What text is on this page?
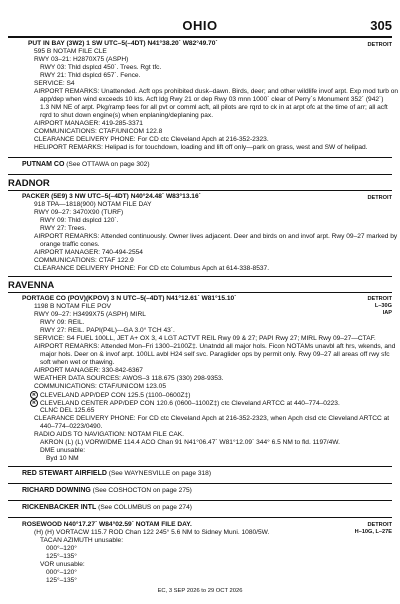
OHIO	305
PUT IN BAY (3W2) 1 SW UTC–5(–4DT) N41°38.20´ W82°49.70´	DETROIT
595 B NOTAM FILE CLE
RWY 03–21: H2870X75 (ASPH)
RWY 03: Thld dsplcd 450´. Trees. Rgt tfc.
RWY 21: Thld dsplcd 657´. Fence.
SERVICE: S4
AIRPORT REMARKS: Unattended. Acft ops prohibited dusk–dawn. Birds, deer; and other wildlife invof arpt. Exp mod turb on
app/dep when wind exceeds 10 kts. Acft ldg Rwy 21 or dep Rwy 03 mnn 1000´ clear of Perry´s Monument 352´ (942´)
1.3 NM NE of arpt. Pkg/ramp fees for all pvt or comml acft, all pilots are rqrd to ck in at arpt ofc at the time of arr; all acft
rqrd to shut down engine(s) when enplaning/deplaning pax.
AIRPORT MANAGER: 419-285-3371
COMMUNICATIONS: CTAF/UNICOM 122.8
CLEARANCE DELIVERY PHONE: For CD ctc Cleveland Apch at 216-352-2323.
HELIPORT REMARKS: Helipad is for touchdown, loading and lift off only—park on grass, west and SW of helipad.
PUTNAM CO (See OTTAWA on page 302)
RADNOR
PACKER (5E9) 3 NW UTC–5(–4DT) N40°24.48´ W83°13.16´	DETROIT
918 TPA—1818(900) NOTAM FILE DAY
RWY 09–27: 3470X90 (TURF)
RWY 09: Thld dsplcd 120´.
RWY 27: Trees.
AIRPORT REMARKS: Attended continuously. Owner lives adjacent. Deer and birds on and invof arpt. Rwy 09–27 marked by
orange traffic cones.
AIRPORT MANAGER: 740-494-2554
COMMUNICATIONS: CTAF 122.9
CLEARANCE DELIVERY PHONE: For CD ctc Columbus Apch at 614-338-8537.
RAVENNA
PORTAGE CO (POV)(KPOV) 3 N UTC–5(–4DT) N41°12.61´ W81°15.10´	DETROIT
L–30G
IAP
1198 B NOTAM FILE POV
RWY 09–27: H3499X75 (ASPH) MIRL
RWY 09: REIL.
RWY 27: REIL. PAPI(P4L)—GA 3.0° TCH 43´.
SERVICE: S4 FUEL 100LL, JET A+ OX 3, 4 LGT ACTVT REIL Rwy 09 & 27; PAPI Rwy 27; MIRL Rwy 09–27—CTAF.
AIRPORT REMARKS: Attended Mon–Fri 1300–2100Z‡. Unatndd all major hols. Ficon NOTAMs unavbl aft hrs, wkends, and
major hols. Deer on & invof arpt. 100LL avbl H24 self svc. Paraglider ops by permit only. Rwy 09–27 all areas off rwy sfc
soft when wet or thawing.
AIRPORT MANAGER: 330-842-6367
WEATHER DATA SOURCES: AWOS–3 118.675 (330) 298-9353.
COMMUNICATIONS: CTAF/UNICOM 123.05
R CLEVELAND APP/DEP CON 125.5 (1100–0600Z‡)
R CLEVELAND CENTER APP/DEP CON 120.6 (0600–1100Z‡) ctc Cleveland ARTCC at 440–774–0223.
CLNC DEL 125.65
CLEARANCE DELIVERY PHONE: For CD ctc Cleveland Apch at 216-352-2323, when Apch clsd ctc Cleveland ARTCC at
440–774–0223/0490.
RADIO AIDS TO NAVIGATION: NOTAM FILE CAK.
AKRON (L) (L) VORW/DME 114.4 ACO Chan 91 N41°06.47´ W81°12.09´ 344° 6.5 NM to fld. 1197/4W.
DME unusable:
Byd 10 NM
RED STEWART AIRFIELD (See WAYNESVILLE on page 318)
RICHARD DOWNING (See COSHOCTON on page 275)
RICKENBACKER INTL (See COLUMBUS on page 274)
ROSEWOOD N40°17.27´ W84°02.59´ NOTAM FILE DAY.	DETROIT
H–10G, L–27E
(H) (H) VORTACW 115.7 ROD Chan 122 245° 5.6 NM to Sidney Muni. 1080/5W.
TACAN AZIMUTH unusable:
000°–120°
125°–135°
VOR unusable:
000°–120°
125°–135°
EC, 3 SEP 2026 to 29 OCT 2026
